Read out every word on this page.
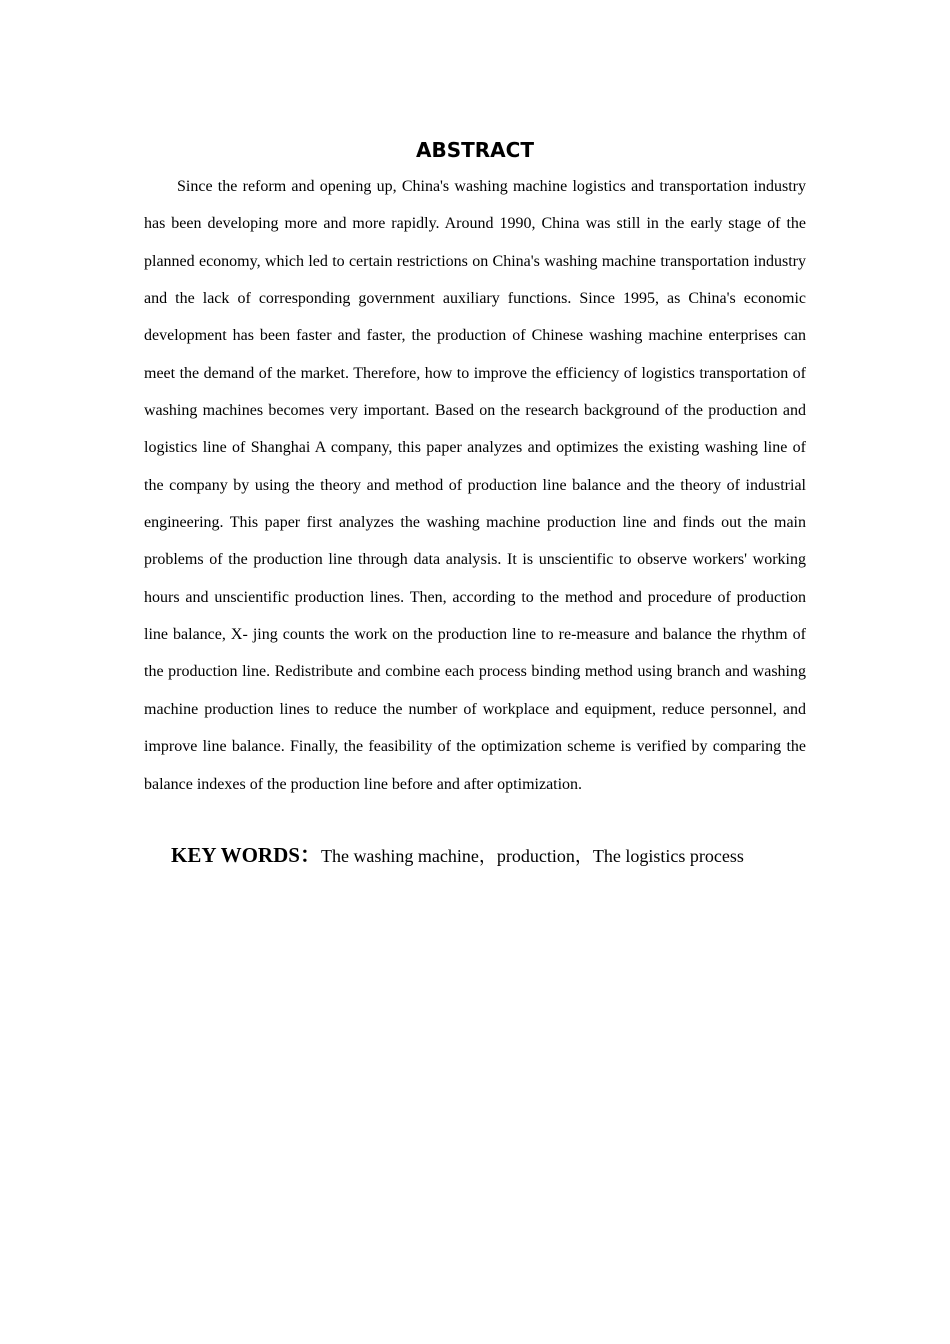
ABSTRACT

Since the reform and opening up, China's washing machine logistics and transportation industry has been developing more and more rapidly. Around 1990, China was still in the early stage of the planned economy, which led to certain restrictions on China's washing machine transportation industry and the lack of corresponding government auxiliary functions. Since 1995, as China's economic development has been faster and faster, the production of Chinese washing machine enterprises can meet the demand of the market. Therefore, how to improve the efficiency of logistics transportation of washing machines becomes very important. Based on the research background of the production and logistics line of Shanghai A company, this paper analyzes and optimizes the existing washing line of the company by using the theory and method of production line balance and the theory of industrial engineering. This paper first analyzes the washing machine production line and finds out the main problems of the production line through data analysis. It is unscientific to observe workers' working hours and unscientific production lines. Then, according to the method and procedure of production line balance, X- jing counts the work on the production line to re-measure and balance the rhythm of the production line. Redistribute and combine each process binding method using branch and washing machine production lines to reduce the number of workplace and equipment, reduce personnel, and improve line balance. Finally, the feasibility of the optimization scheme is verified by comparing the balance indexes of the production line before and after optimization.

KEY WORDS：The washing machine，production，The logistics process
